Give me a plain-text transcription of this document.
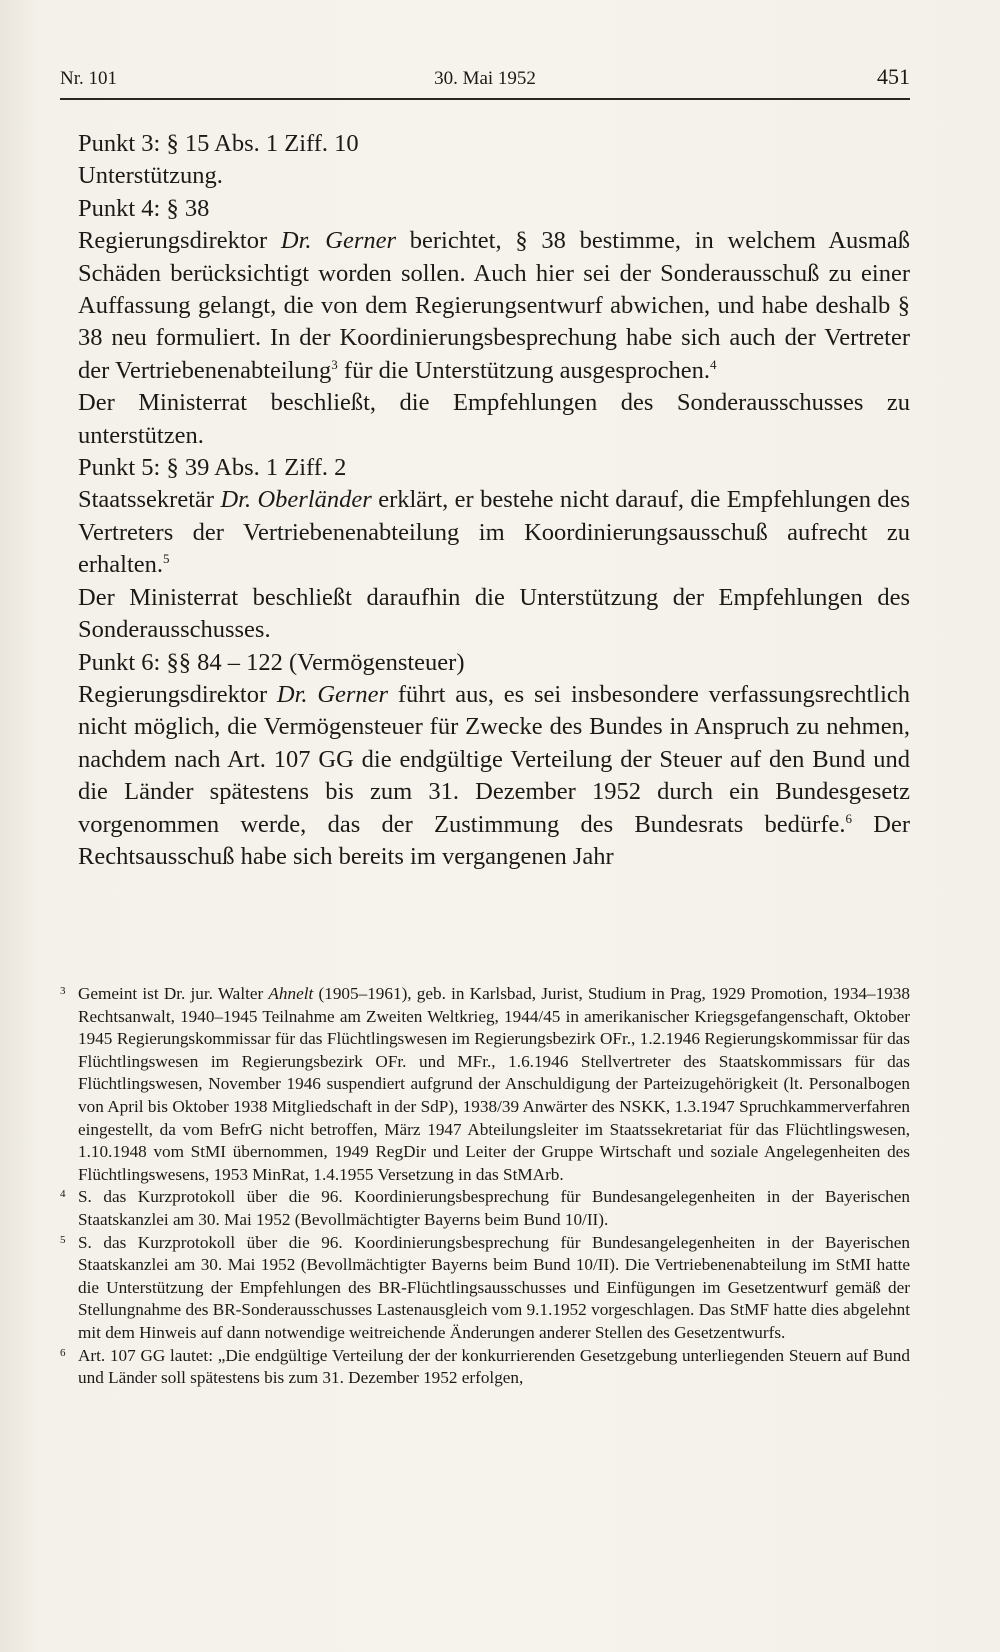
Nr. 101	30. Mai 1952	451

Punkt 3: § 15 Abs. 1 Ziff. 10

Unterstützung.

Punkt 4: § 38

Regierungsdirektor Dr. Gerner berichtet, § 38 bestimme, in welchem Ausmaß Schäden berücksichtigt worden sollen. Auch hier sei der Sonderausschuß zu einer Auffassung gelangt, die von dem Regierungsentwurf abwichen, und habe deshalb § 38 neu formuliert. In der Koordinierungsbesprechung habe sich auch der Vertreter der Vertriebenenabteilung$^3$ für die Unterstützung ausgesprochen.$^4$

Der Ministerrat beschließt, die Empfehlungen des Sonderausschusses zu unterstützen.

Punkt 5: § 39 Abs. 1 Ziff. 2

Staatssekretär Dr. Oberländer erklärt, er bestehe nicht darauf, die Empfehlungen des Vertreters der Vertriebenenabteilung im Koordinierungsausschuß aufrecht zu erhalten.$^5$

Der Ministerrat beschließt daraufhin die Unterstützung der Empfehlungen des Sonderausschusses.

Punkt 6: §§ 84 – 122 (Vermögensteuer)

Regierungsdirektor Dr. Gerner führt aus, es sei insbesondere verfassungsrechtlich nicht möglich, die Vermögensteuer für Zwecke des Bundes in Anspruch zu nehmen, nachdem nach Art. 107 GG die endgültige Verteilung der Steuer auf den Bund und die Länder spätestens bis zum 31. Dezember 1952 durch ein Bundesgesetz vorgenommen werde, das der Zustimmung des Bundesrats bedürfe.$^6$ Der Rechtsausschuß habe sich bereits im vergangenen Jahr

3 Gemeint ist Dr. jur. Walter Ahnelt (1905–1961), geb. in Karlsbad, Jurist, Studium in Prag, 1929 Promotion, 1934–1938 Rechtsanwalt, 1940–1945 Teilnahme am Zweiten Weltkrieg, 1944/45 in amerikanischer Kriegsgefangenschaft, Oktober 1945 Regierungskommissar für das Flüchtlingswesen im Regierungsbezirk OFr., 1.2.1946 Regierungskommissar für das Flüchtlingswesen im Regierungsbezirk OFr. und MFr., 1.6.1946 Stellvertreter des Staatskommissars für das Flüchtlingswesen, November 1946 suspendiert aufgrund der Anschuldigung der Parteizugehörigkeit (lt. Personalbogen von April bis Oktober 1938 Mitgliedschaft in der SdP), 1938/39 Anwärter des NSKK, 1.3.1947 Spruchkammerverfahren eingestellt, da vom BefrG nicht betroffen, März 1947 Abteilungsleiter im Staatssekretariat für das Flüchtlingswesen, 1.10.1948 vom StMI übernommen, 1949 RegDir und Leiter der Gruppe Wirtschaft und soziale Angelegenheiten des Flüchtlingswesens, 1953 MinRat, 1.4.1955 Versetzung in das StMArb.

4 S. das Kurzprotokoll über die 96. Koordinierungsbesprechung für Bundesangelegenheiten in der Bayerischen Staatskanzlei am 30. Mai 1952 (Bevollmächtigter Bayerns beim Bund 10/II).

5 S. das Kurzprotokoll über die 96. Koordinierungsbesprechung für Bundesangelegenheiten in der Bayerischen Staatskanzlei am 30. Mai 1952 (Bevollmächtigter Bayerns beim Bund 10/II). Die Vertriebenenabteilung im StMI hatte die Unterstützung der Empfehlungen des BR-Flüchtlingsausschusses und Einfügungen im Gesetzentwurf gemäß der Stellungnahme des BR-Sonderausschusses Lastenausgleich vom 9.1.1952 vorgeschlagen. Das StMF hatte dies abgelehnt mit dem Hinweis auf dann notwendige weitreichende Änderungen anderer Stellen des Gesetzentwurfs.

6 Art. 107 GG lautet: „Die endgültige Verteilung der der konkurrierenden Gesetzgebung unterliegenden Steuern auf Bund und Länder soll spätestens bis zum 31. Dezember 1952 erfolgen,
